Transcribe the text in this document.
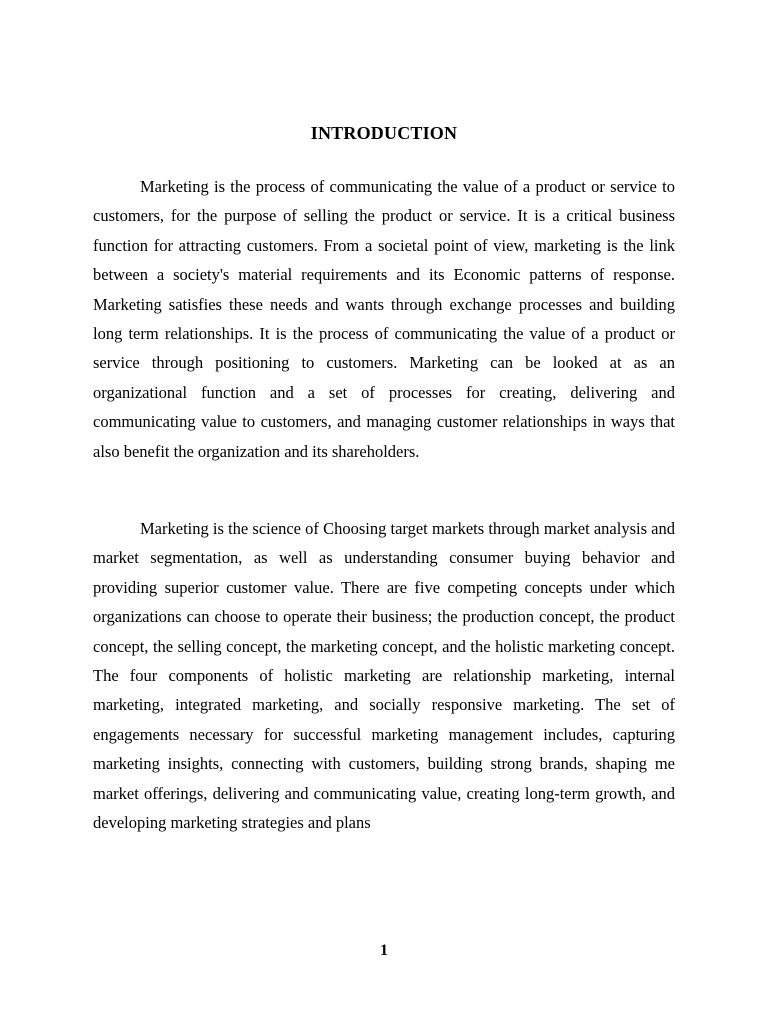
INTRODUCTION

Marketing is the process of communicating the value of a product or service to customers, for the purpose of selling the product or service. It is a critical business function for attracting customers. From a societal point of view, marketing is the link between a society's material requirements and its Economic patterns of response. Marketing satisfies these needs and wants through exchange processes and building long term relationships. It is the process of communicating the value of a product or service through positioning to customers. Marketing can be looked at as an organizational function and a set of processes for creating, delivering and communicating value to customers, and managing customer relationships in ways that also benefit the organization and its shareholders.

Marketing is the science of Choosing target markets through market analysis and market segmentation, as well as understanding consumer buying behavior and providing superior customer value. There are five competing concepts under which organizations can choose to operate their business; the production concept, the product concept, the selling concept, the marketing concept, and the holistic marketing concept. The four components of holistic marketing are relationship marketing, internal marketing, integrated marketing, and socially responsive marketing. The set of engagements necessary for successful marketing management includes, capturing marketing insights, connecting with customers, building strong brands, shaping me market offerings, delivering and communicating value, creating long-term growth, and developing marketing strategies and plans

1
